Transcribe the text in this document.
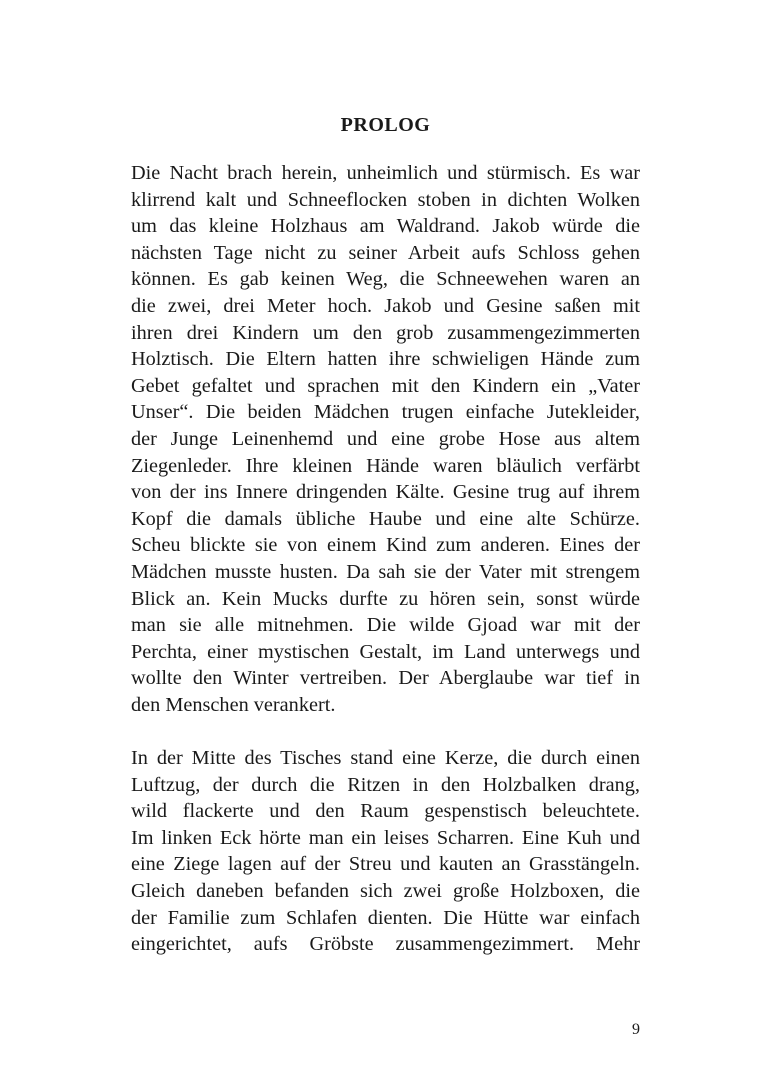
PROLOG
Die Nacht brach herein, unheimlich und stürmisch. Es war
klirrend kalt und Schneeflocken stoben in dichten Wolken
um das kleine Holzhaus am Waldrand. Jakob würde die
nächsten Tage nicht zu seiner Arbeit aufs Schloss gehen
können. Es gab keinen Weg, die Schneewehen waren an
die zwei, drei Meter hoch. Jakob und Gesine saßen mit
ihren drei Kindern um den grob zusammengezimmerten
Holztisch. Die Eltern hatten ihre schwieligen Hände zum
Gebet gefaltet und sprachen mit den Kindern ein „Vater
Unser“. Die beiden Mädchen trugen einfache Jutekleider,
der Junge Leinenhemd und eine grobe Hose aus altem
Ziegenleder. Ihre kleinen Hände waren bläulich verfärbt
von der ins Innere dringenden Kälte. Gesine trug auf ihrem
Kopf die damals übliche Haube und eine alte Schürze.
Scheu blickte sie von einem Kind zum anderen. Eines der
Mädchen musste husten. Da sah sie der Vater mit strengem
Blick an. Kein Mucks durfte zu hören sein, sonst würde
man sie alle mitnehmen. Die wilde Gjoad war mit der
Perchta, einer mystischen Gestalt, im Land unterwegs und
wollte den Winter vertreiben. Der Aberglaube war tief in
den Menschen verankert.
In der Mitte des Tisches stand eine Kerze, die durch einen
Luftzug, der durch die Ritzen in den Holzbalken drang,
wild flackerte und den Raum gespenstisch beleuchtete.
Im linken Eck hörte man ein leises Scharren. Eine Kuh und
eine Ziege lagen auf der Streu und kauten an Grasstängeln.
Gleich daneben befanden sich zwei große Holzboxen, die
der Familie zum Schlafen dienten. Die Hütte war einfach
eingerichtet, aufs Gröbste zusammengezimmert. Mehr
9
